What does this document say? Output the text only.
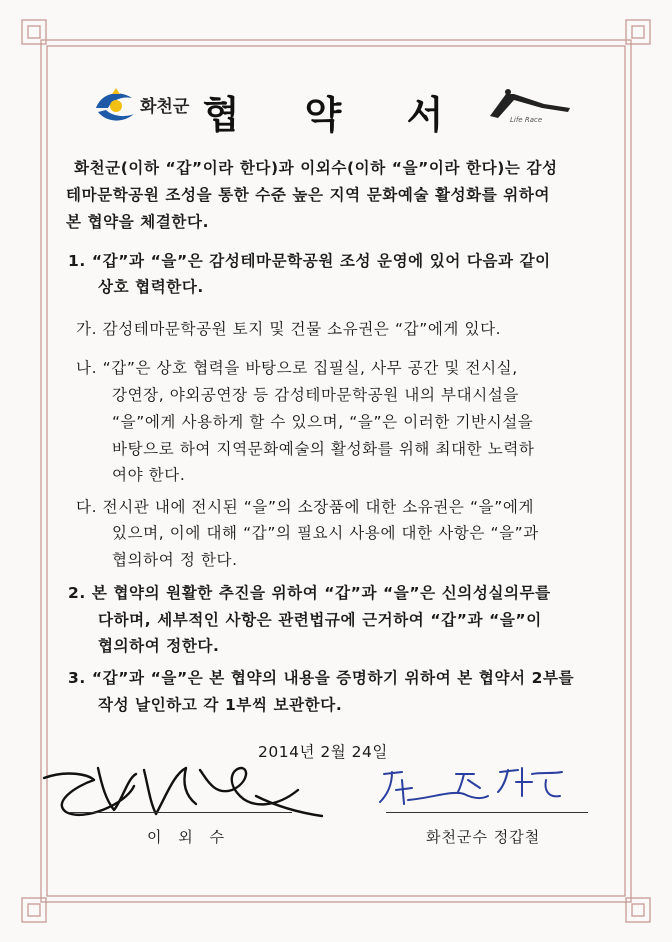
화천군 협 약 서	Life Race
화천군(이하 “갑”이라 한다)과 이외수(이하 “을”이라 한다)는 감성
테마문학공원 조성을 통한 수준 높은 지역 문화예술 활성화를 위하여
본 협약을 체결한다.
1. “갑”과 “을”은 감성테마문학공원 조성 운영에 있어 다음과 같이
상호 협력한다.
가. 감성테마문학공원 토지 및 건물 소유권은 “갑”에게 있다.
나. “갑”은 상호 협력을 바탕으로 집필실, 사무 공간 및 전시실,
강연장, 야외공연장 등 감성테마문학공원 내의 부대시설을
“을”에게 사용하게 할 수 있으며, “을”은 이러한 기반시설을
바탕으로 하여 지역문화예술의 활성화를 위해 최대한 노력하
여야 한다.
다. 전시관 내에 전시된 “을”의 소장품에 대한 소유권은 “을”에게
있으며, 이에 대해 “갑”의 필요시 사용에 대한 사항은 “을”과
협의하여 정 한다.
2. 본 협약의 원활한 추진을 위하여 “갑”과 “을”은 신의성실의무를
다하며, 세부적인 사항은 관련법규에 근거하여 “갑”과 “을”이
협의하여 정한다.
3. “갑”과 “을”은 본 협약의 내용을 증명하기 위하여 본 협약서 2부를
작성 날인하고 각 1부씩 보관한다.
2014년 2월 24일
이 외 수	화천군수 정갑철
